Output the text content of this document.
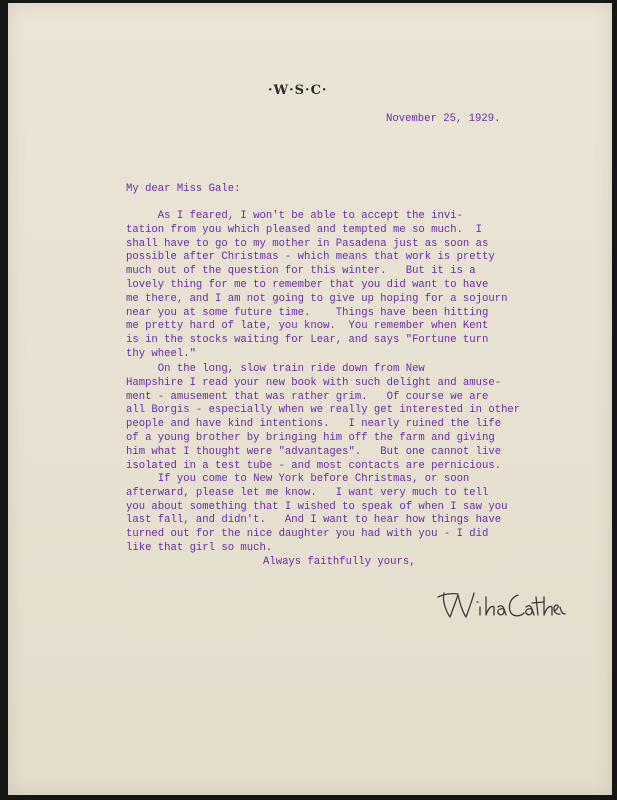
·W·S·C·
November 25, 1929.
My dear Miss Gale:
As I feared, I won't be able to accept the invi-
tation from you which pleased and tempted me so much.  I
shall have to go to my mother in Pasadena just as soon as
possible after Christmas - which means that work is pretty
much out of the question for this winter.   But it is a
lovely thing for me to remember that you did want to have
me there, and I am not going to give up hoping for a sojourn
near you at some future time.    Things have been hitting
me pretty hard of late, you know.  You remember when Kent
is in the stocks waiting for Lear, and says "Fortune turn
thy wheel."
On the long, slow train ride down from New
Hampshire I read your new book with such delight and amuse-
ment - amusement that was rather grim.   Of course we are
all Borgis - especially when we really get interested in other
people and have kind intentions.   I nearly ruined the life
of a young brother by bringing him off the farm and giving
him what I thought were "advantages".   But one cannot live
isolated in a test tube - and most contacts are pernicious.
If you come to New York before Christmas, or soon
afterward, please let me know.   I want very much to tell
you about something that I wished to speak of when I saw you
last fall, and didn't.   And I want to hear how things have
turned out for the nice daughter you had with you - I did
like that girl so much.
Always faithfully yours,
